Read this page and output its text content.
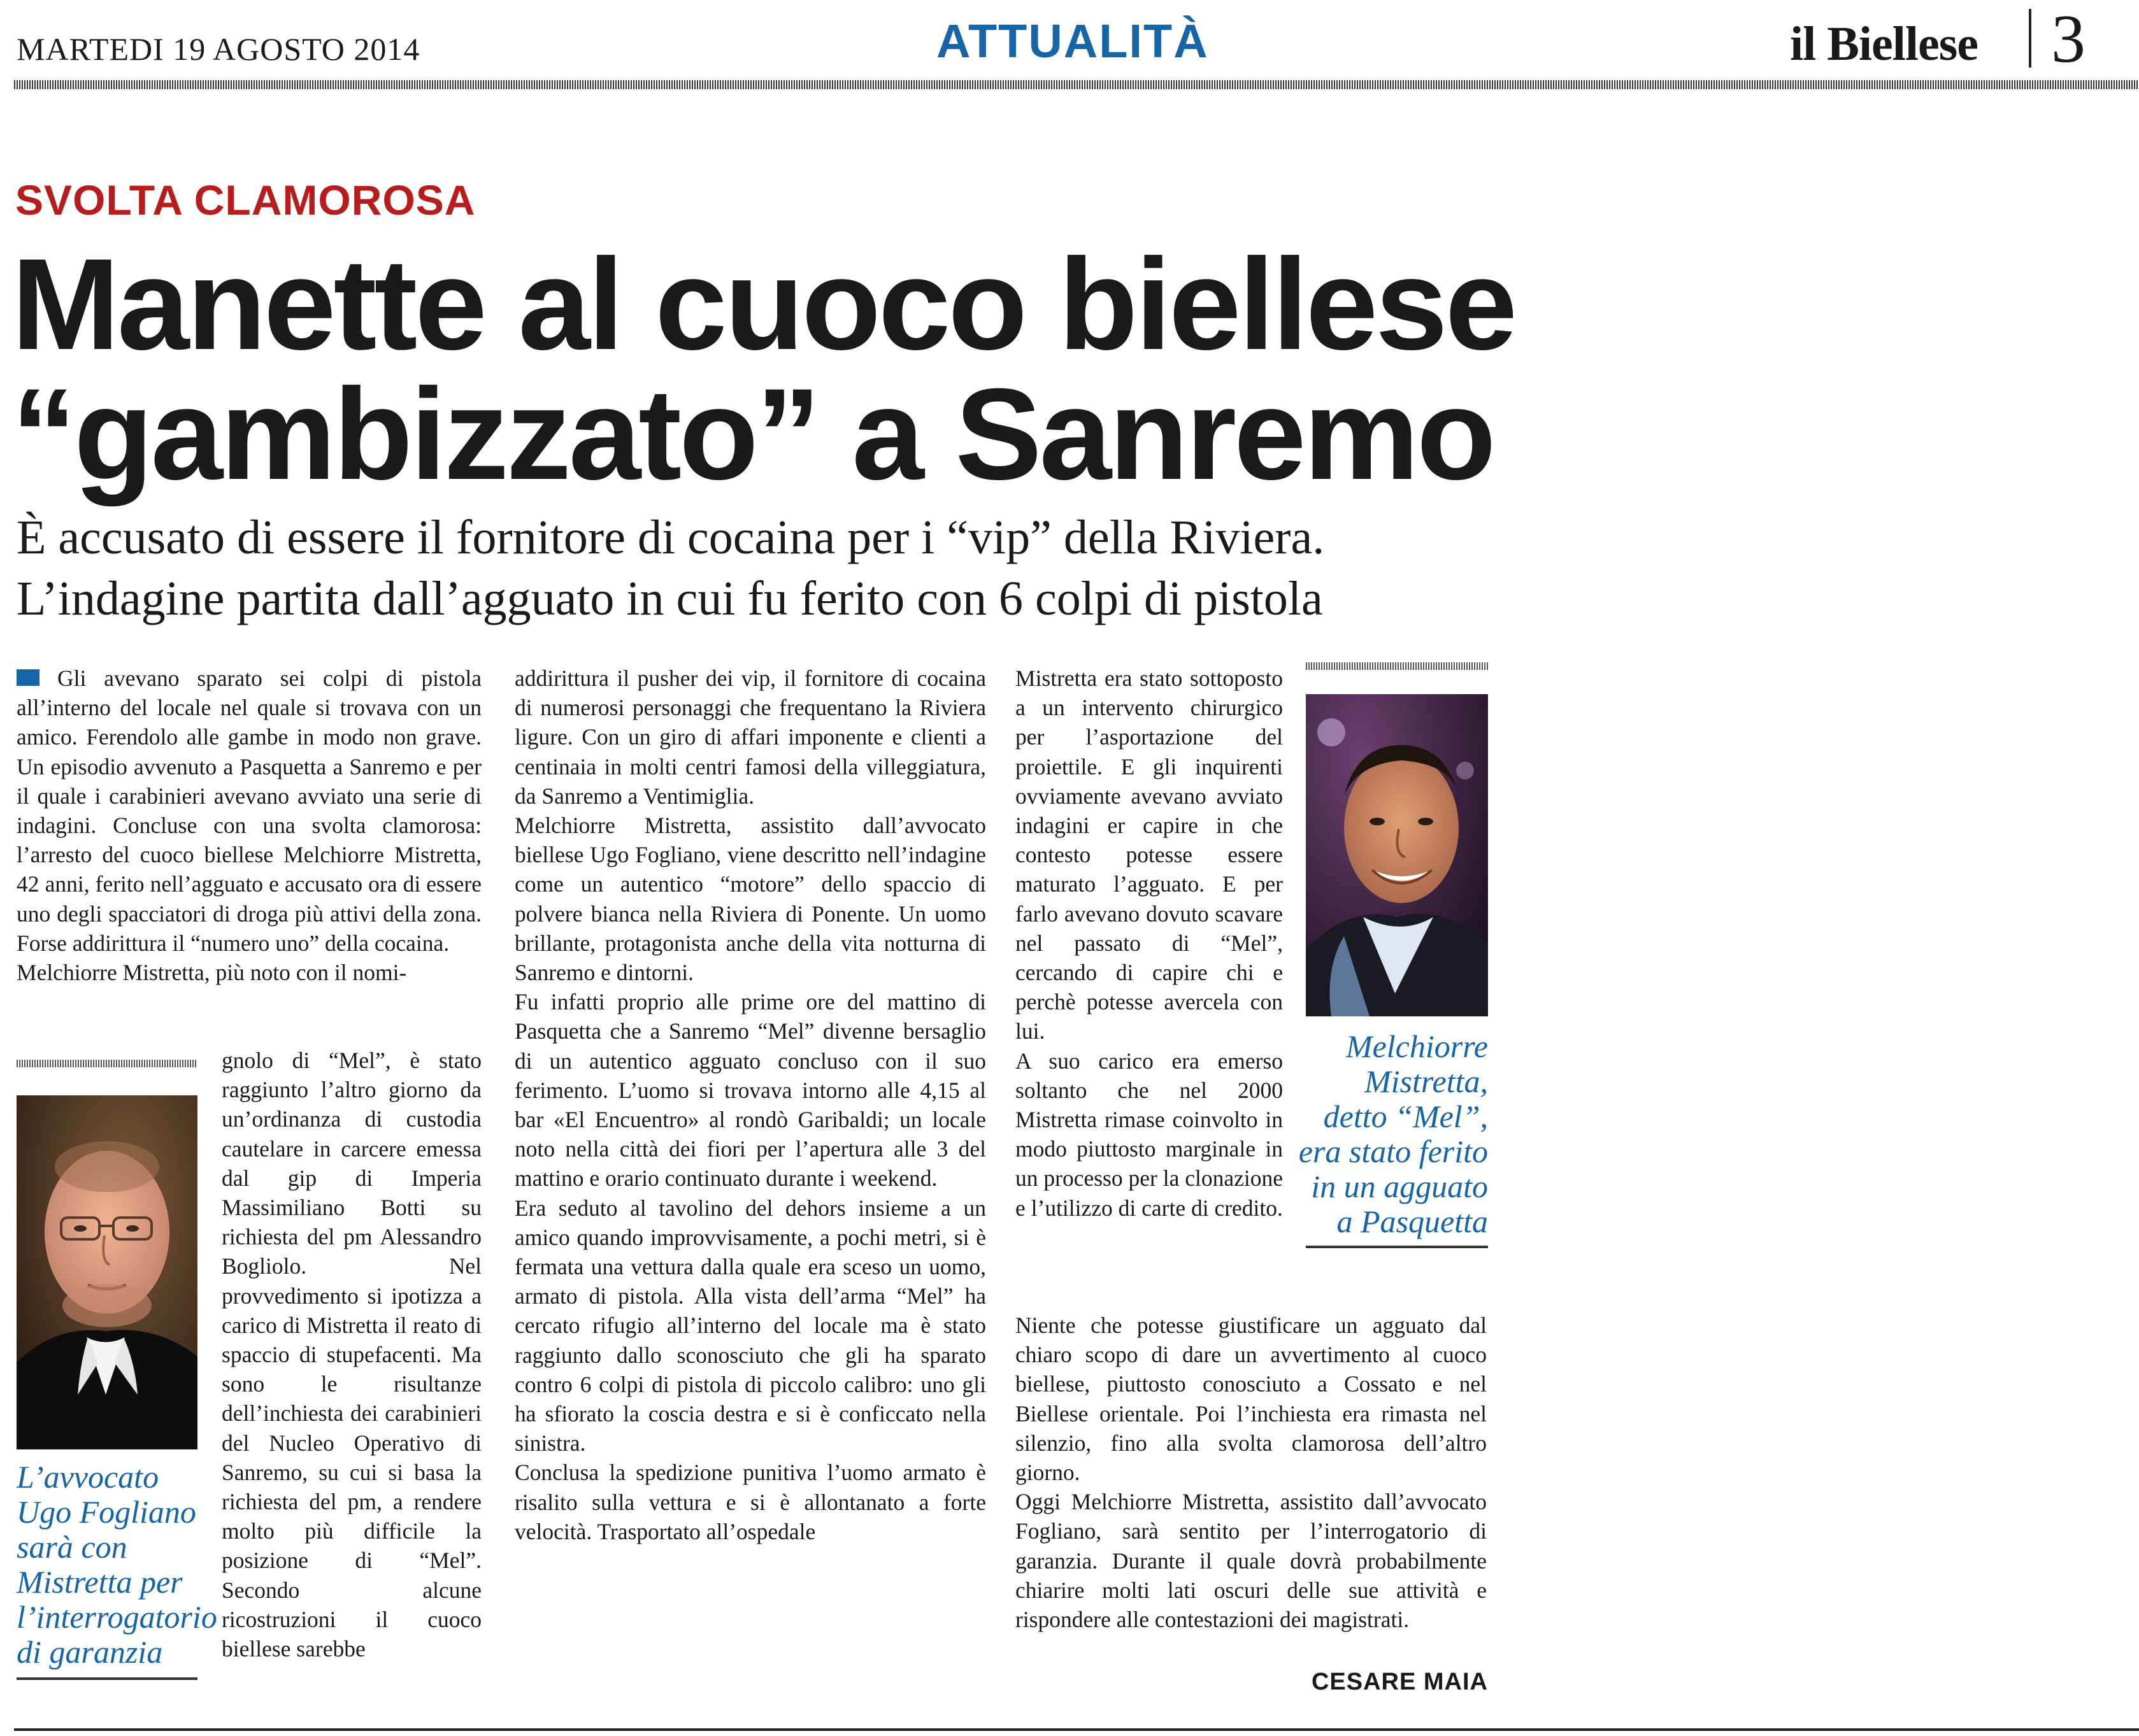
MARTEDI 19 AGOSTO 2014	ATTUALITÀ	il Biellese 3
SVOLTA CLAMOROSA
Manette al cuoco biellese
“gambizzato” a Sanremo
È accusato di essere il fornitore di cocaina per i “vip” della Riviera.
L’indagine partita dall’agguato in cui fu ferito con 6 colpi di pistola

Gli avevano sparato sei colpi di pistola all’interno del locale nel quale si trovava con un amico. Ferendolo alle gambe in modo non grave. Un episodio avvenuto a Pasquetta a Sanremo e per il quale i carabinieri avevano avviato una serie di indagini. Concluse con una svolta clamorosa: l’arresto del cuoco biellese Melchiorre Mistretta, 42 anni, ferito nell’agguato e accusato ora di essere uno degli spacciatori di droga più attivi della zona. Forse addirittura il “numero uno” della cocaina.

Melchiorre Mistretta, più noto con il nomi-

L’avvocato Ugo Fogliano sarà con Mistretta per l’interrogatorio di garanzia

gnolo di “Mel”, è stato raggiunto l’altro giorno da un’ordinanza di custodia cautelare in carcere emessa dal gip di Imperia Massimiliano Botti su richiesta del pm Alessandro Bogliolo. Nel provvedimento si ipotizza a carico di Mistretta il reato di spaccio di stupefacenti. Ma sono le risultanze dell’inchiesta dei carabinieri del Nucleo Operativo di Sanremo, su cui si basa la richiesta del pm, a rendere molto più difficile la posizione di “Mel”. Secondo alcune ricostruzioni il cuoco biellese sarebbe

addirittura il pusher dei vip, il fornitore di cocaina di numerosi personaggi che frequentano la Riviera ligure. Con un giro di affari imponente e clienti a centinaia in molti centri famosi della villeggiatura, da Sanremo a Ventimiglia.

Melchiorre Mistretta, assistito dall’avvocato biellese Ugo Fogliano, viene descritto nell’indagine come un autentico “motore” dello spaccio di polvere bianca nella Riviera di Ponente. Un uomo brillante, protagonista anche della vita notturna di Sanremo e dintorni.

Fu infatti proprio alle prime ore del mattino di Pasquetta che a Sanremo “Mel” divenne bersaglio di un autentico agguato concluso con il suo ferimento. L’uomo si trovava intorno alle 4,15 al bar «El Encuentro» al rondò Garibaldi; un locale noto nella città dei fiori per l’apertura alle 3 del mattino e orario continuato durante i weekend.

Era seduto al tavolino del dehors insieme a un amico quando improvvisamente, a pochi metri, si è fermata una vettura dalla quale era sceso un uomo, armato di pistola. Alla vista dell’arma “Mel” ha cercato rifugio all’interno del locale ma è stato raggiunto dallo sconosciuto che gli ha sparato contro 6 colpi di pistola di piccolo calibro: uno gli ha sfiorato la coscia destra e si è conficcato nella sinistra.

Conclusa la spedizione punitiva l’uomo armato è risalito sulla vettura e si è allontanato a forte velocità. Trasportato all’ospedale

Mistretta era stato sottoposto a un intervento chirurgico per l’asportazione del proiettile. E gli inquirenti ovviamente avevano avviato indagini er capire in che contesto potesse essere maturato l’agguato. E per farlo avevano dovuto scavare nel passato di “Mel”, cercando di capire chi e perchè potesse avercela con lui.

A suo carico era emerso soltanto che nel 2000 Mistretta rimase coinvolto in modo piuttosto marginale in un processo per la clonazione e l’utilizzo di carte di credito.

Melchiorre Mistretta, detto “Mel”, era stato ferito in un agguato a Pasquetta

Niente che potesse giustificare un agguato dal chiaro scopo di dare un avvertimento al cuoco biellese, piuttosto conosciuto a Cossato e nel Biellese orientale. Poi l’inchiesta era rimasta nel silenzio, fino alla svolta clamorosa dell’altro giorno.

Oggi Melchiorre Mistretta, assistito dall’avvocato Fogliano, sarà sentito per l’interrogatorio di garanzia. Durante il quale dovrà probabilmente chiarire molti lati oscuri delle sue attività e rispondere alle contestazioni dei magistrati.

CESARE MAIA
